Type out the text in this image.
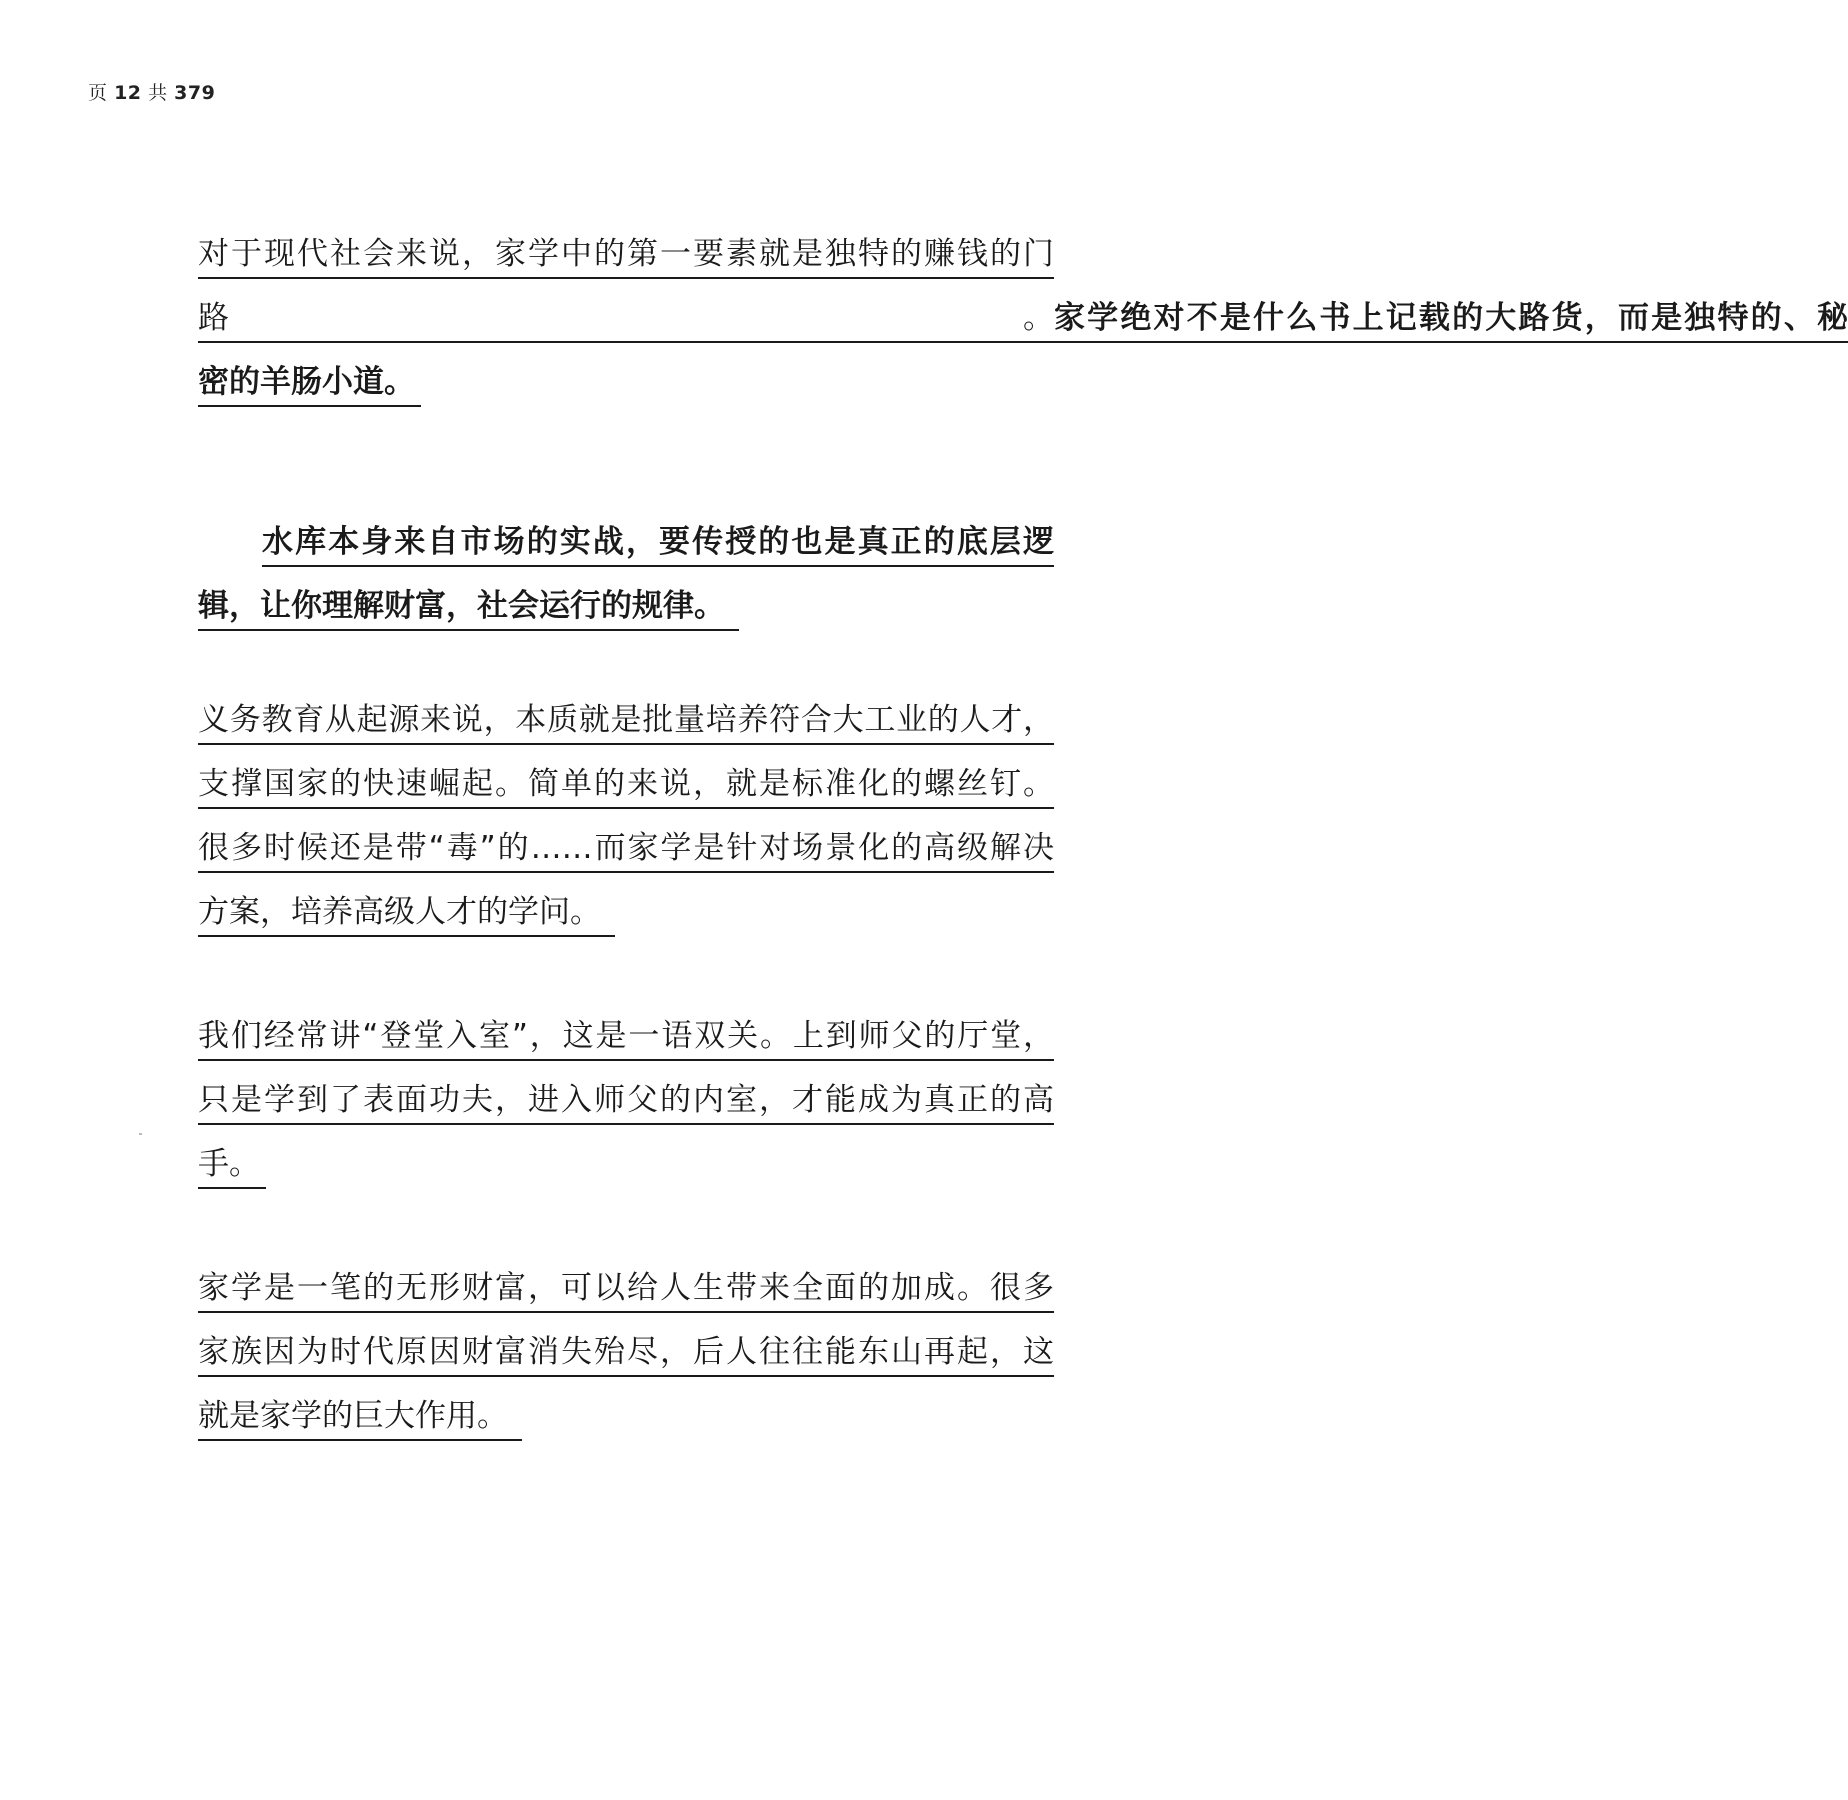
页 12 共 379
对于现代社会来说，家学中的第一要素就是独特的赚钱的门
路。家学绝对不是什么书上记载的大路货，而是独特的、秘
密的羊肠小道。
水库本身来自市场的实战，要传授的也是真正的底层逻
辑，让你理解财富，社会运行的规律。
义务教育从起源来说，本质就是批量培养符合大工业的人才，
支撑国家的快速崛起。简单的来说，就是标准化的螺丝钉。
很多时候还是带“毒”的……而家学是针对场景化的高级解决
方案，培养高级人才的学问。
我们经常讲“登堂入室”，这是一语双关。上到师父的厅堂，
只是学到了表面功夫，进入师父的内室，才能成为真正的高
手。
家学是一笔的无形财富，可以给人生带来全面的加成。很多
家族因为时代原因财富消失殆尽，后人往往能东山再起，这
就是家学的巨大作用。
